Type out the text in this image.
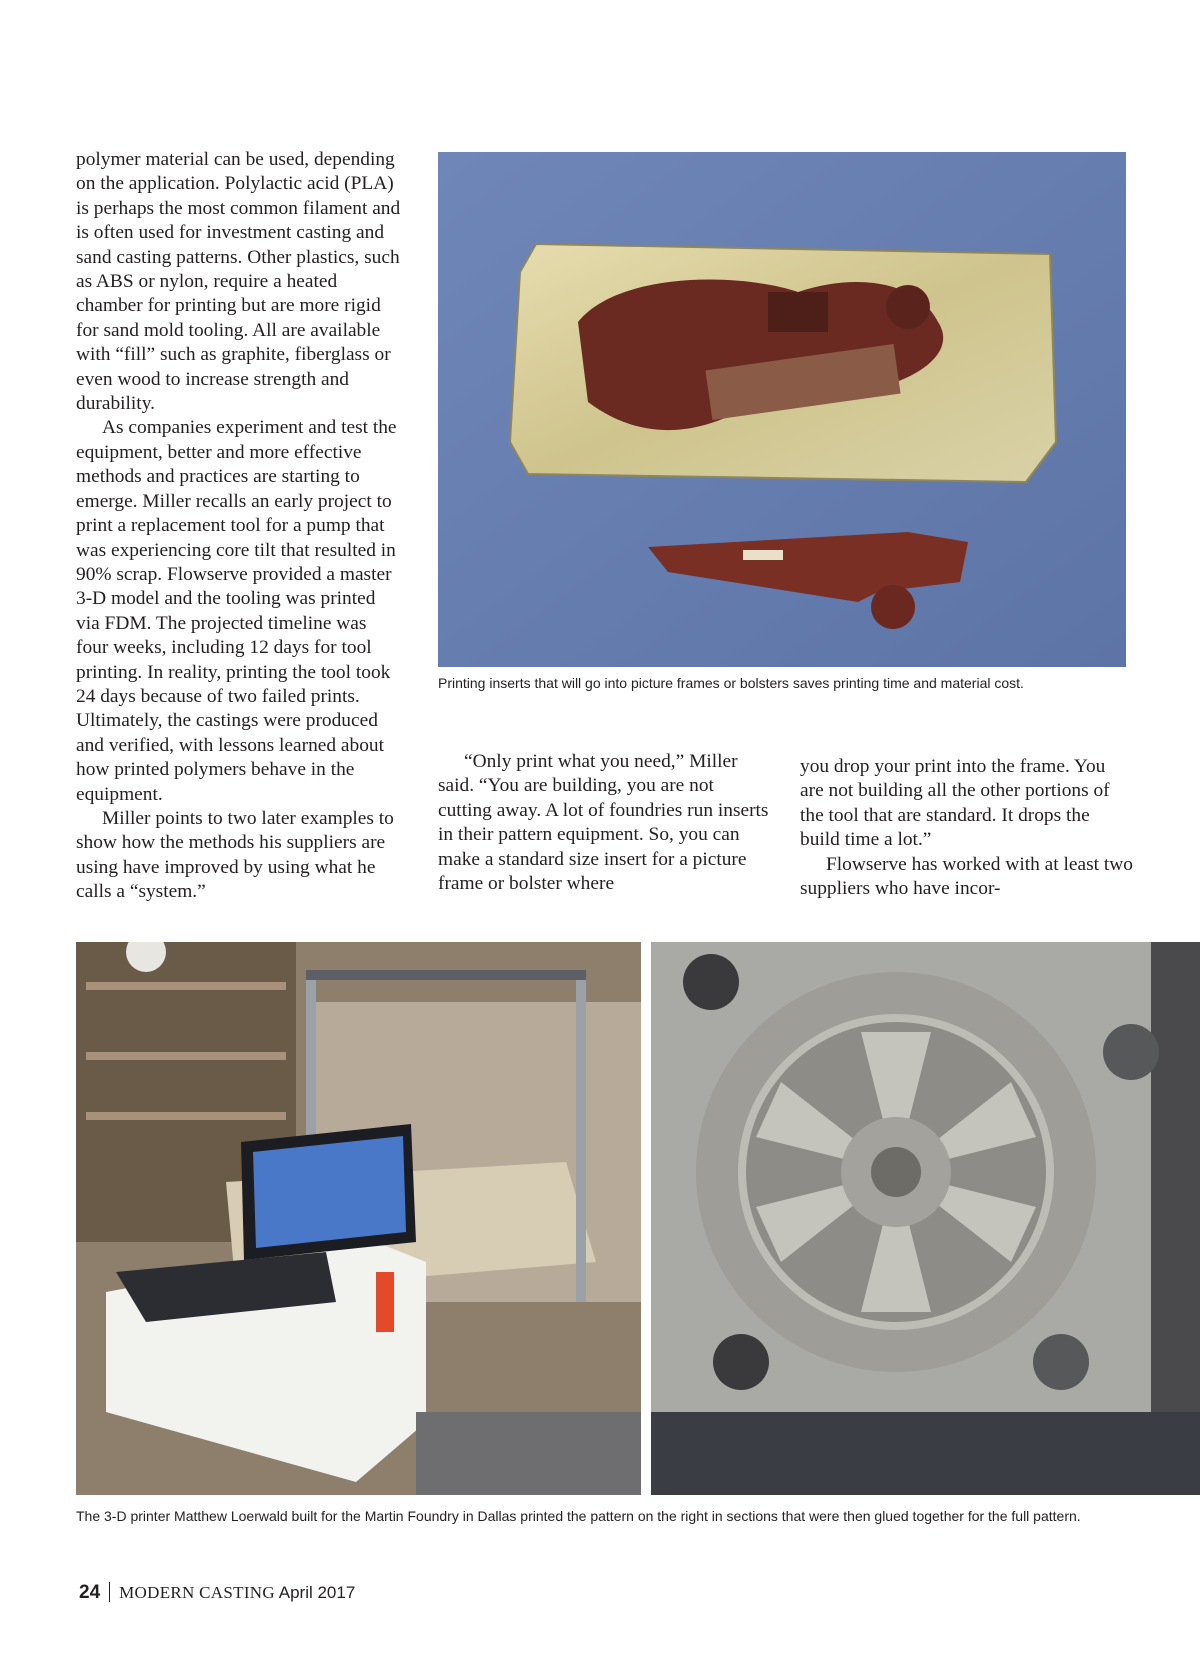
polymer material can be used, depending on the application. Polylactic acid (PLA) is perhaps the most common filament and is often used for investment casting and sand casting patterns. Other plastics, such as ABS or nylon, require a heated chamber for printing but are more rigid for sand mold tooling. All are available with “fill” such as graphite, fiberglass or even wood to increase strength and durability.

As companies experiment and test the equipment, better and more effective methods and practices are starting to emerge. Miller recalls an early project to print a replacement tool for a pump that was experiencing core tilt that resulted in 90% scrap. Flowserve provided a master 3-D model and the tooling was printed via FDM. The projected timeline was four weeks, including 12 days for tool printing. In reality, printing the tool took 24 days because of two failed prints. Ultimately, the castings were produced and verified, with lessons learned about how printed polymers behave in the equipment.

Miller points to two later examples to show how the methods his suppliers are using have improved by using what he calls a “system.”

Printing inserts that will go into picture frames or bolsters saves printing time and material cost.

“Only print what you need,” Miller said. “You are building, you are not cutting away. A lot of foundries run inserts in their pattern equipment. So, you can make a standard size insert for a picture frame or bolster where

you drop your print into the frame. You are not building all the other portions of the tool that are standard. It drops the build time a lot.”

Flowserve has worked with at least two suppliers who have incor-

The 3-D printer Matthew Loerwald built for the Martin Foundry in Dallas printed the pattern on the right in sections that were then glued together for the full pattern.
24 MODERN CASTING April 2017
